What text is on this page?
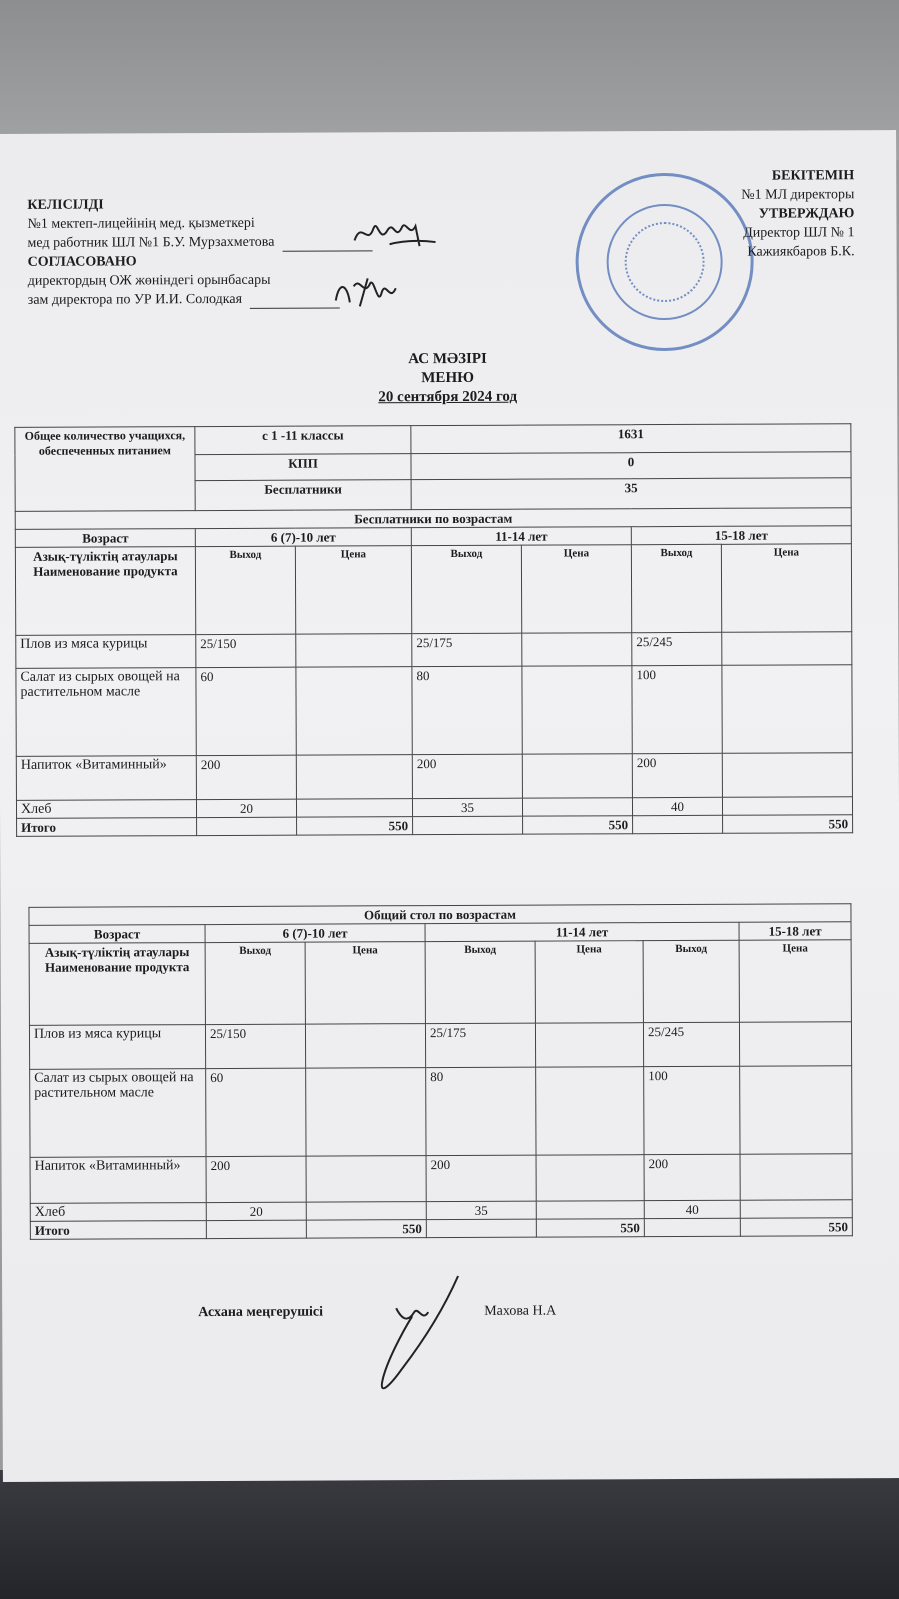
КЕЛІСІЛДІ
№1 мектеп-лицейінің мед. қызметкері
мед работник ШЛ №1 Б.У. Мурзахметова
СОГЛАСОВАНО
директордың ОЖ жөніндегі орынбасары
зам директора по УР И.И. Солодкая
БЕКІТЕМІН
№1 МЛ директоры
УТВЕРЖДАЮ
Директор ШЛ № 1
Кажиякбаров Б.К.
АС МӘЗІРІ
МЕНЮ
20 сентября 2024 год
Общее количество учащихся, обеспеченных питанием	с 1 -11 классы		1631			
	КПП		0			
	Бесплатники		35			
Бесплатники по возрастам						
Возраст	6 (7)-10 лет		11-14 лет		15-18 лет	
Азық-түліктің атаулары Наименование продукта	Выход	Цена	Выход	Цена	Выход	Цена
Плов из мяса курицы	25/150		25/175		25/245	
Салат из сырых овощей на растительном масле	60		80		100	
Напиток «Витаминный»	200		200		200	
Хлеб	20		35		40	
Итого		550		550		550
Общий стол по возрастам						
Возраст	6 (7)-10 лет		11-14 лет			15-18 лет
Азық-түліктің атаулары Наименование продукта	Выход	Цена	Выход	Цена	Выход	Цена
Плов из мяса курицы	25/150		25/175		25/245	
Салат из сырых овощей на растительном масле	60		80		100	
Напиток «Витаминный»	200		200		200	
Хлеб	20		35		40	
Итого		550		550		550
Асхана меңгерушісі	Махова Н.А
